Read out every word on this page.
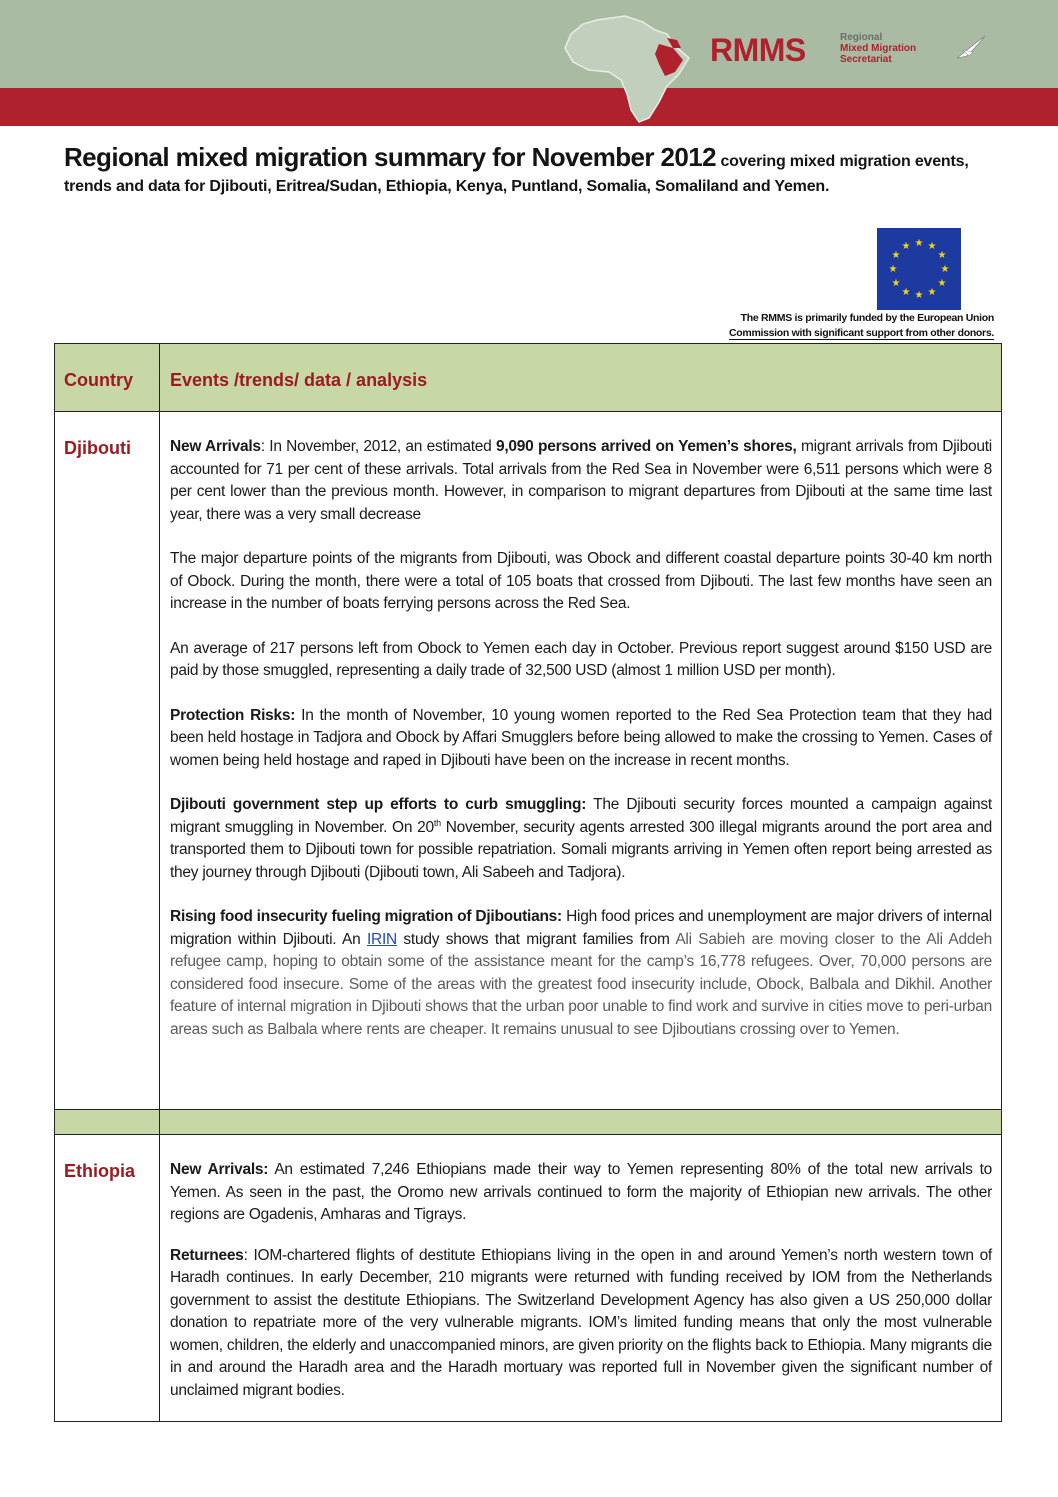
RMMS	Regional
Mixed Migration
Secretariat
Regional mixed migration summary for November 2012 covering mixed migration events, trends and data for Djibouti, Eritrea/Sudan, Ethiopia, Kenya, Puntland, Somalia, Somaliland and Yemen.
★ ★
★
★
★
★
★
★
★
★
★
★
The RMMS is primarily funded by the European Union
Commission with significant support from other donors.
Country	Events /trends/ data / analysis
Djibouti	New Arrivals: In November, 2012, an estimated 9,090 persons arrived on Yemen’s shores, migrant arrivals from Djibouti accounted for 71 per cent of these arrivals. Total arrivals from the Red Sea in November were 6,511 persons which were 8 per cent lower than the previous month. However, in comparison to migrant departures from Djibouti at the same time last year, there was a very small decrease

The major departure points of the migrants from Djibouti, was Obock and different coastal departure points 30-40 km north of Obock. During the month, there were a total of 105 boats that crossed from Djibouti. The last few months have seen an increase in the number of boats ferrying persons across the Red Sea.

An average of 217 persons left from Obock to Yemen each day in October. Previous report suggest around $150 USD are paid by those smuggled, representing a daily trade of 32,500 USD (almost 1 million USD per month).

Protection Risks: In the month of November, 10 young women reported to the Red Sea Protection team that they had been held hostage in Tadjora and Obock by Affari Smugglers before being allowed to make the crossing to Yemen. Cases of women being held hostage and raped in Djibouti have been on the increase in recent months.

Djibouti government step up efforts to curb smuggling: The Djibouti security forces mounted a campaign against migrant smuggling in November. On 20th November, security agents arrested 300 illegal migrants around the port area and transported them to Djibouti town for possible repatriation. Somali migrants arriving in Yemen often report being arrested as they journey through Djibouti (Djibouti town, Ali Sabeeh and Tadjora).

Rising food insecurity fueling migration of Djiboutians: High food prices and unemployment are major drivers of internal migration within Djibouti. An IRIN study shows that migrant families from Ali Sabieh are moving closer to the Ali Addeh refugee camp, hoping to obtain some of the assistance meant for the camp’s 16,778 refugees. Over, 70,000 persons are considered food insecure. Some of the areas with the greatest food insecurity include, Obock, Balbala and Dikhil. Another feature of internal migration in Djibouti shows that the urban poor unable to find work and survive in cities move to peri-urban areas such as Balbala where rents are cheaper. It remains unusual to see Djiboutians crossing over to Yemen.

Ethiopia	New Arrivals: An estimated 7,246 Ethiopians made their way to Yemen representing 80% of the total new arrivals to Yemen. As seen in the past, the Oromo new arrivals continued to form the majority of Ethiopian new arrivals. The other regions are Ogadenis, Amharas and Tigrays.

Returnees: IOM-chartered flights of destitute Ethiopians living in the open in and around Yemen’s north western town of Haradh continues. In early December, 210 migrants were returned with funding received by IOM from the Netherlands government to assist the destitute Ethiopians. The Switzerland Development Agency has also given a US 250,000 dollar donation to repatriate more of the very vulnerable migrants. IOM’s limited funding means that only the most vulnerable women, children, the elderly and unaccompanied minors, are given priority on the flights back to Ethiopia. Many migrants die in and around the Haradh area and the Haradh mortuary was reported full in November given the significant number of unclaimed migrant bodies.
